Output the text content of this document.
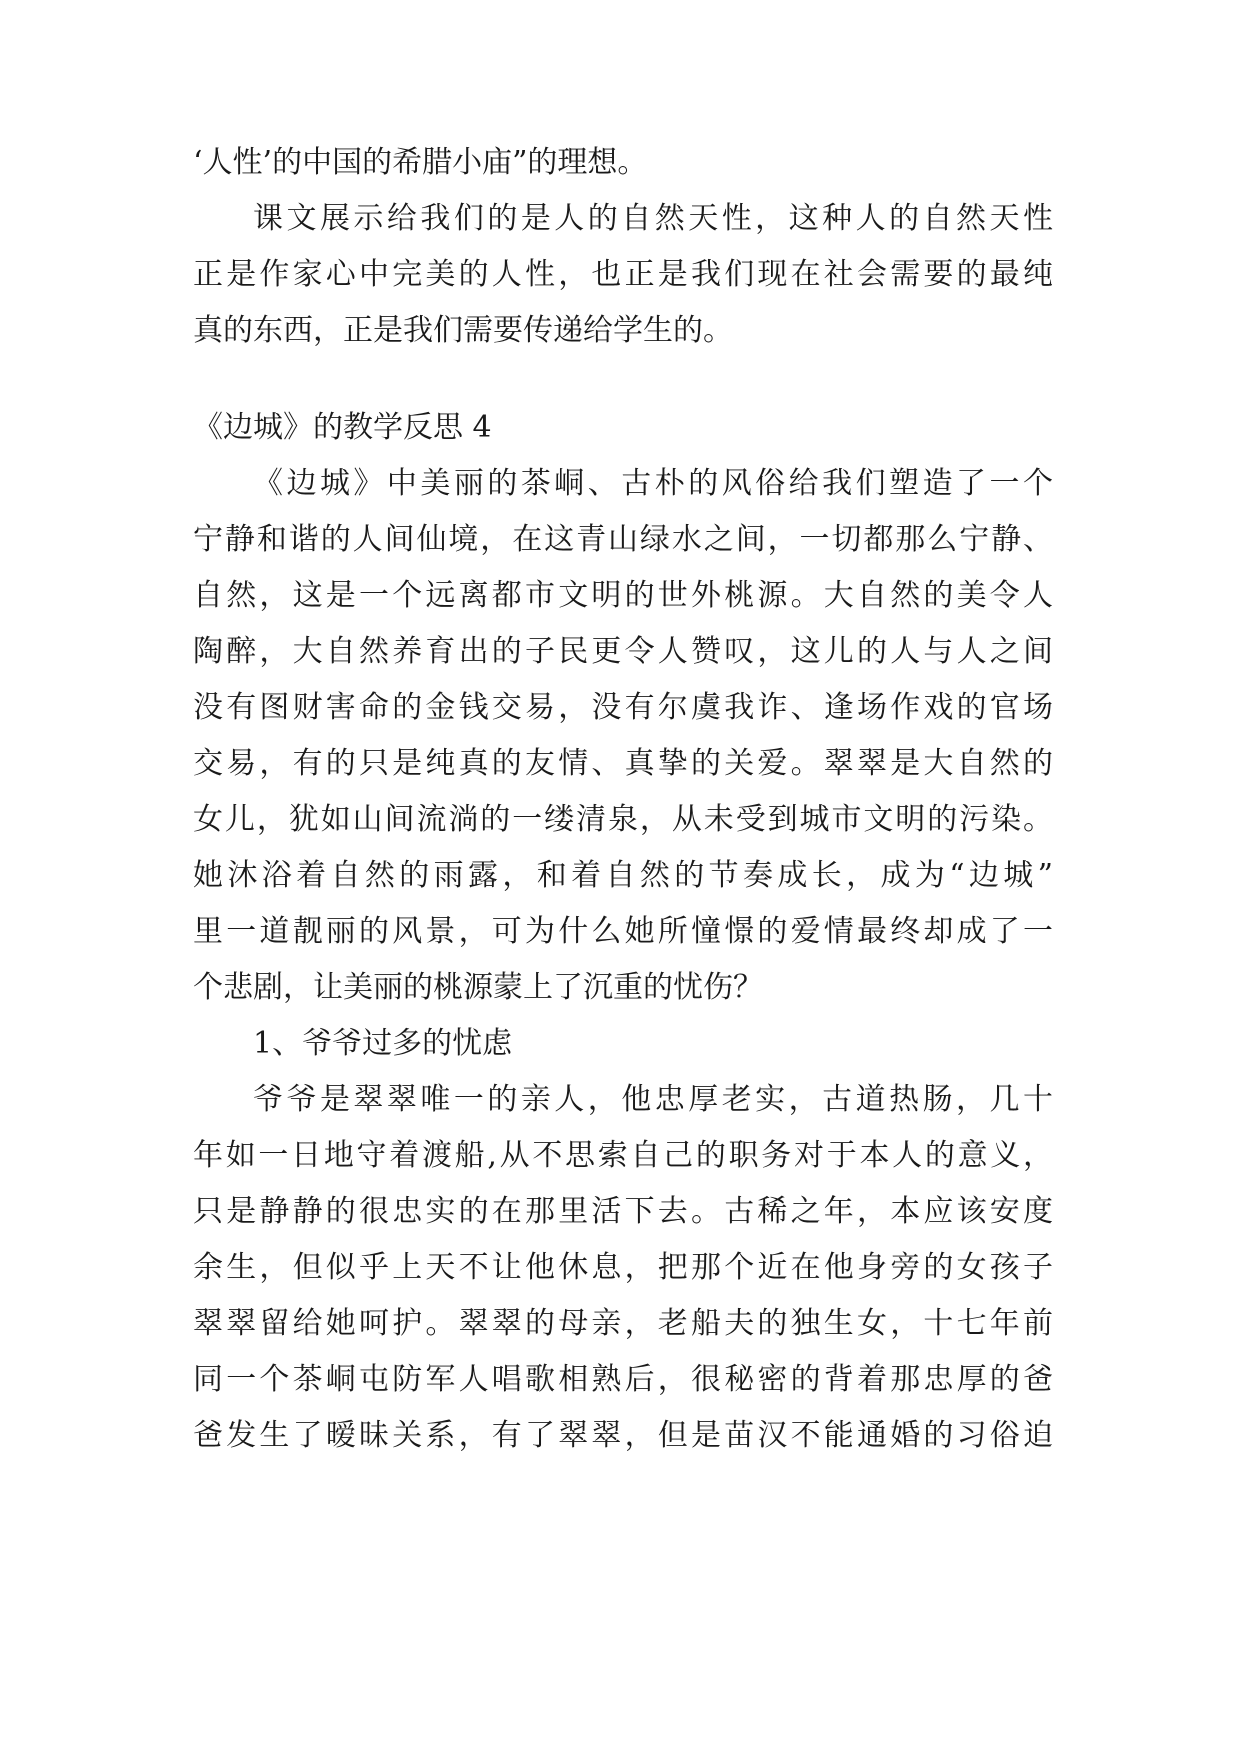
‘人性’的中国的希腊小庙”的理想。
课文展示给我们的是人的自然天性，这种人的自然天性
正是作家心中完美的人性，也正是我们现在社会需要的最纯
真的东西，正是我们需要传递给学生的。
《边城》的教学反思 4
《边城》中美丽的茶峒、古朴的风俗给我们塑造了一个
宁静和谐的人间仙境，在这青山绿水之间，一切都那么宁静、
自然，这是一个远离都市文明的世外桃源。大自然的美令人
陶醉，大自然养育出的子民更令人赞叹，这儿的人与人之间
没有图财害命的金钱交易，没有尔虞我诈、逢场作戏的官场
交易，有的只是纯真的友情、真挚的关爱。翠翠是大自然的
女儿，犹如山间流淌的一缕清泉，从未受到城市文明的污染。
她沐浴着自然的雨露，和着自然的节奏成长，成为“边城”
里一道靓丽的风景，可为什么她所憧憬的爱情最终却成了一
个悲剧，让美丽的桃源蒙上了沉重的忧伤？
1、爷爷过多的忧虑
爷爷是翠翠唯一的亲人，他忠厚老实，古道热肠，几十
年如一日地守着渡船,从不思索自己的职务对于本人的意义，
只是静静的很忠实的在那里活下去。古稀之年，本应该安度
余生，但似乎上天不让他休息，把那个近在他身旁的女孩子
翠翠留给她呵护。翠翠的母亲，老船夫的独生女，十七年前
同一个茶峒屯防军人唱歌相熟后，很秘密的背着那忠厚的爸
爸发生了暧昧关系，有了翠翠，但是苗汉不能通婚的习俗迫
